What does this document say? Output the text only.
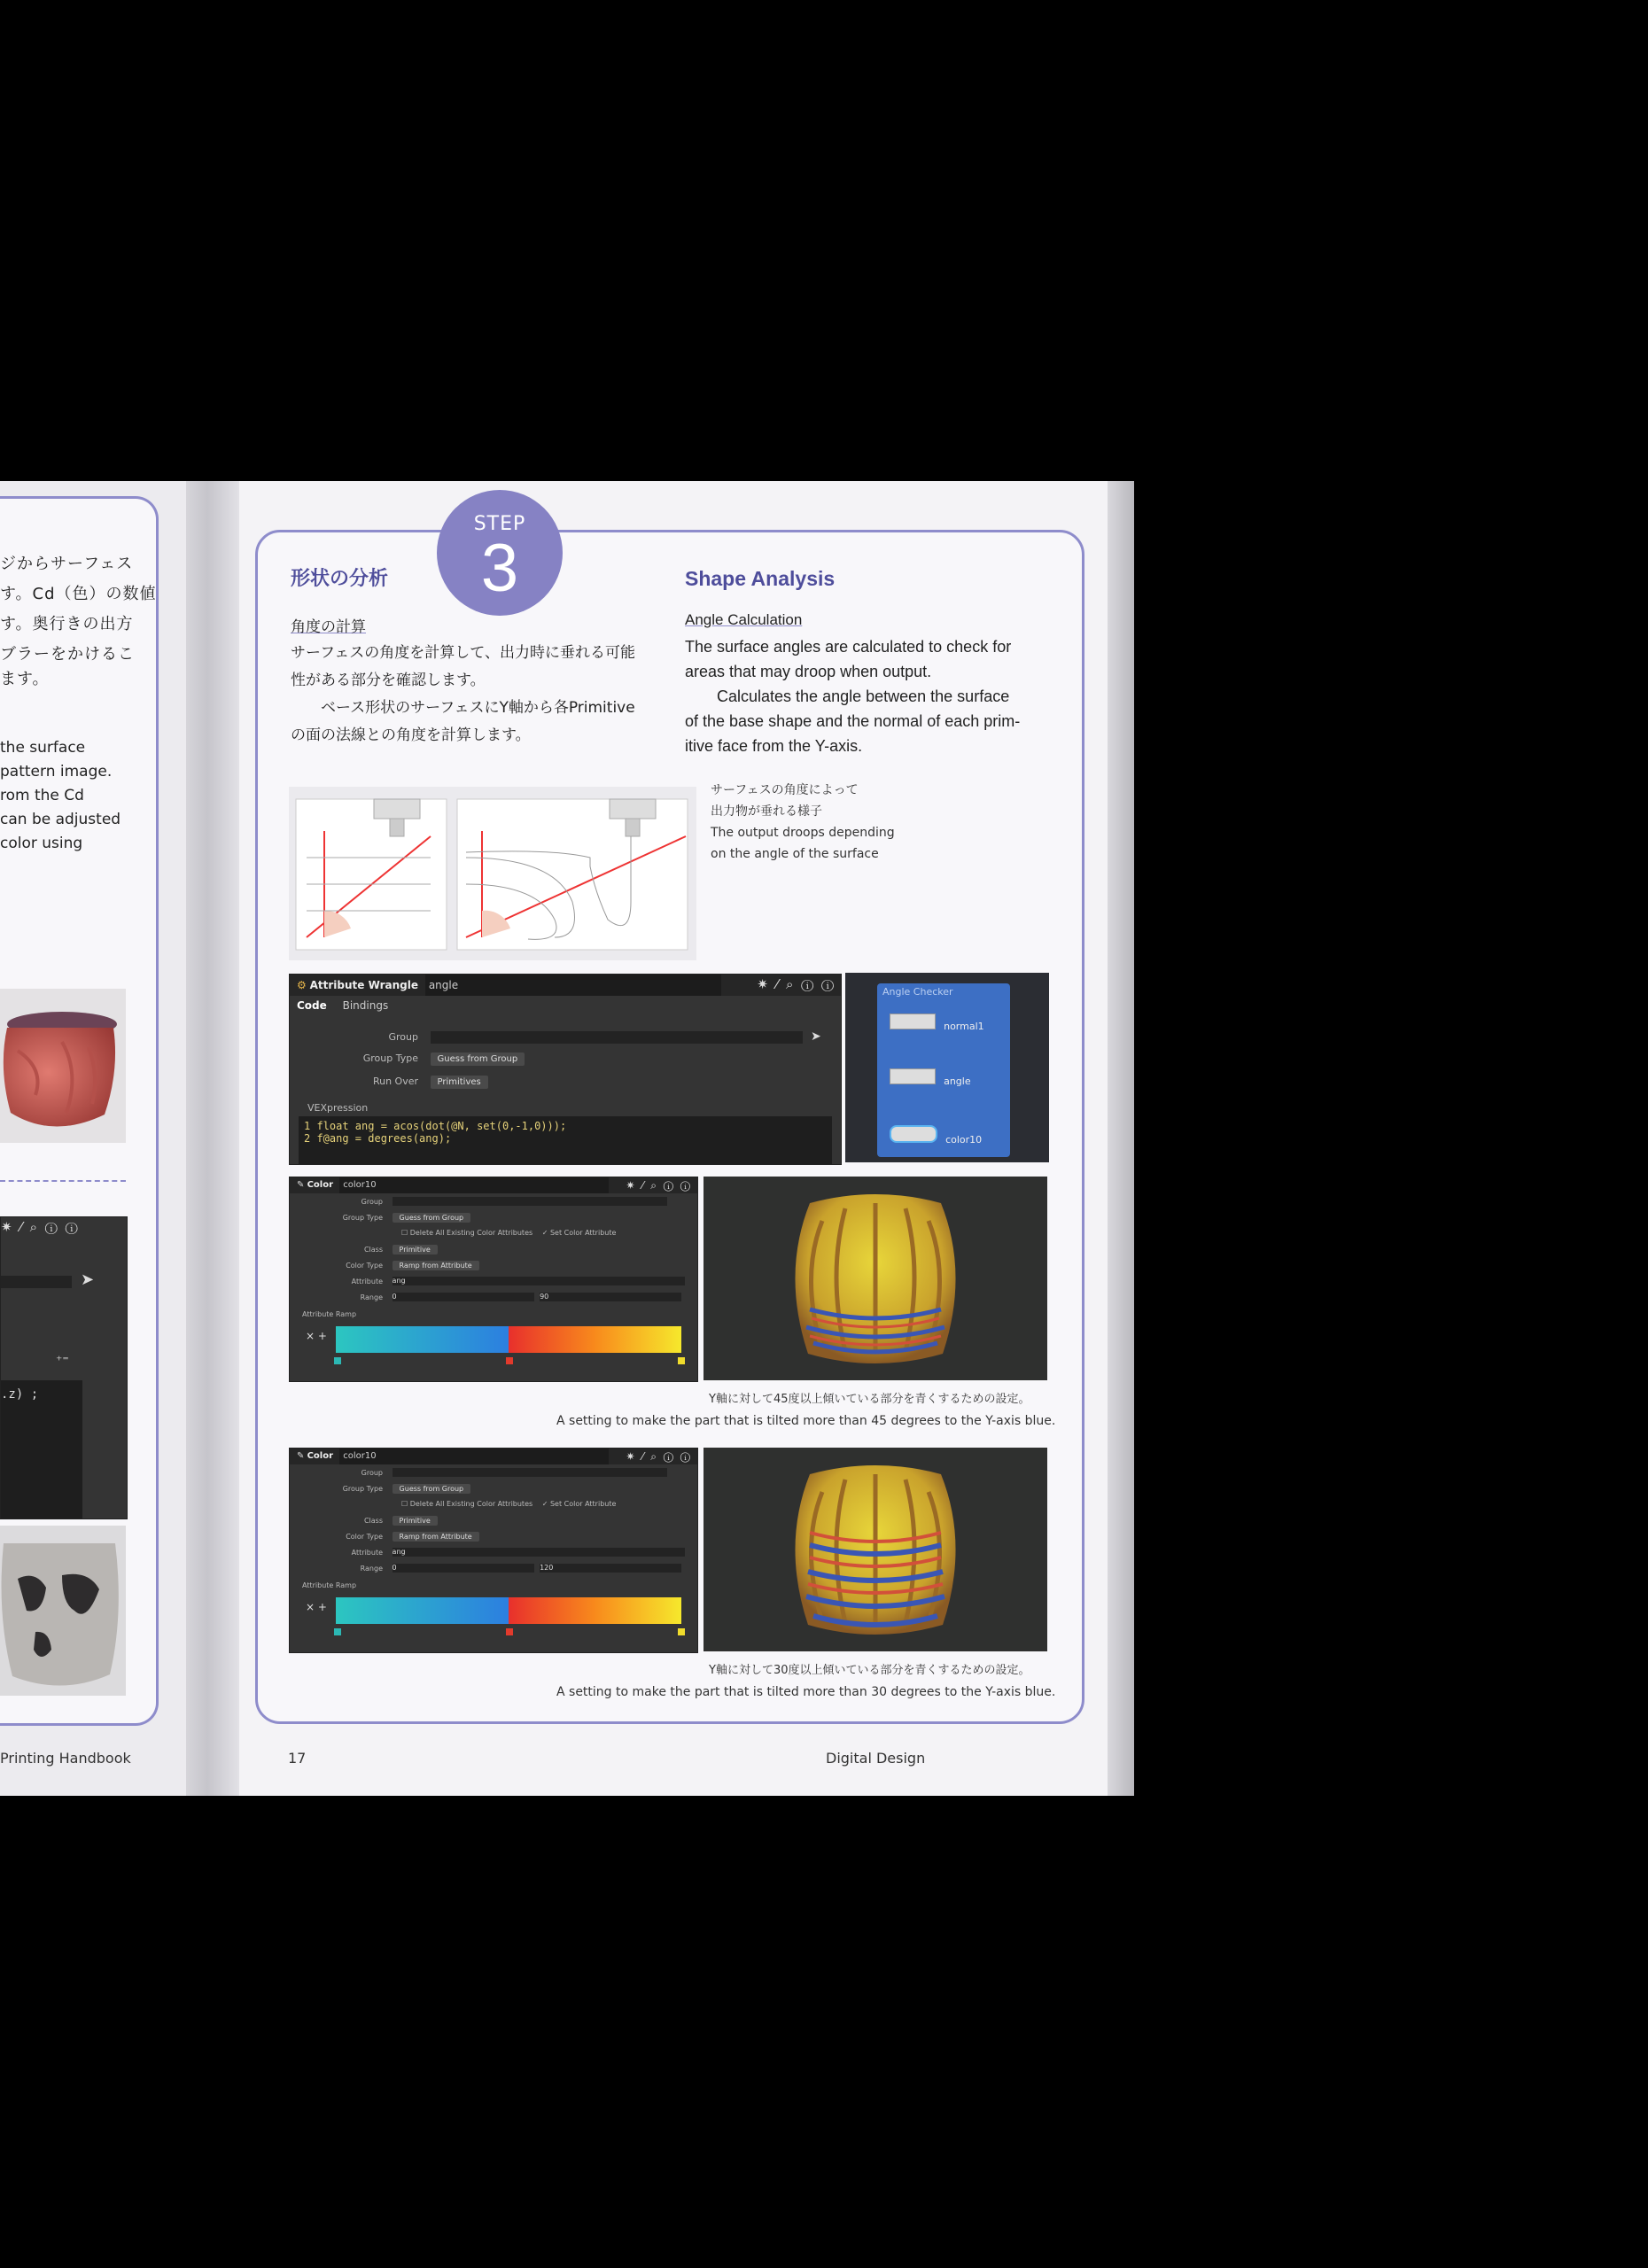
ジからサーフェス
す。Cd（色）の数値
す。奥行きの出方
ブラーをかけるこ
ます。
the surface
pattern image.
rom the Cd
can be adjusted
color using
✷ ⁄ ⌕ ⓘ ⓘ
➤
⁺⁼
.z) ;
Printing Handbook
STEP
3
形状の分析	Shape Analysis
角度の計算	Angle Calculation
サーフェスの角度を計算して、出力時に垂れる可能
性がある部分を確認します。
ベース形状のサーフェスにY軸から各Primitive
の面の法線との角度を計算します。
The surface angles are calculated to check for
areas that may droop when output.
Calculates the angle between the surface
of the base shape and the normal of each prim-
itive face from the Y-axis.
サーフェスの角度によって
出力物が垂れる様子
The output droops depending
on the angle of the surface
⚙ Attribute Wrangle angle	✷ ⁄ ⌕ ⓘ ⓘ
Code Bindings
Group	➤
Group Type Guess from Group
Run Over Primitives
VEXpression
1 float ang = acos(dot(@N, set(0,-1,0)));
2 f@ang = degrees(ang);
Angle Checker
normal1
angle
color10
✎ Color color10	✷ ⁄ ⌕ ⓘ ⓘ
Group
Group Type Guess from Group
☐ Delete All Existing Color Attributes ✓ Set Color Attribute
Class Primitive
Color Type Ramp from Attribute
Attribute ang
Range 0	90
Attribute Ramp
× +
Y軸に対して45度以上傾いている部分を青くするための設定。
A setting to make the part that is tilted more than 45 degrees to the Y-axis blue.
✎ Color color10	✷ ⁄ ⌕ ⓘ ⓘ
Group
Group Type Guess from Group
☐ Delete All Existing Color Attributes ✓ Set Color Attribute
Class Primitive
Color Type Ramp from Attribute
Attribute ang
Range 0	120
Attribute Ramp
× +
Y軸に対して30度以上傾いている部分を青くするための設定。
A setting to make the part that is tilted more than 30 degrees to the Y-axis blue.
17	Digital Design
